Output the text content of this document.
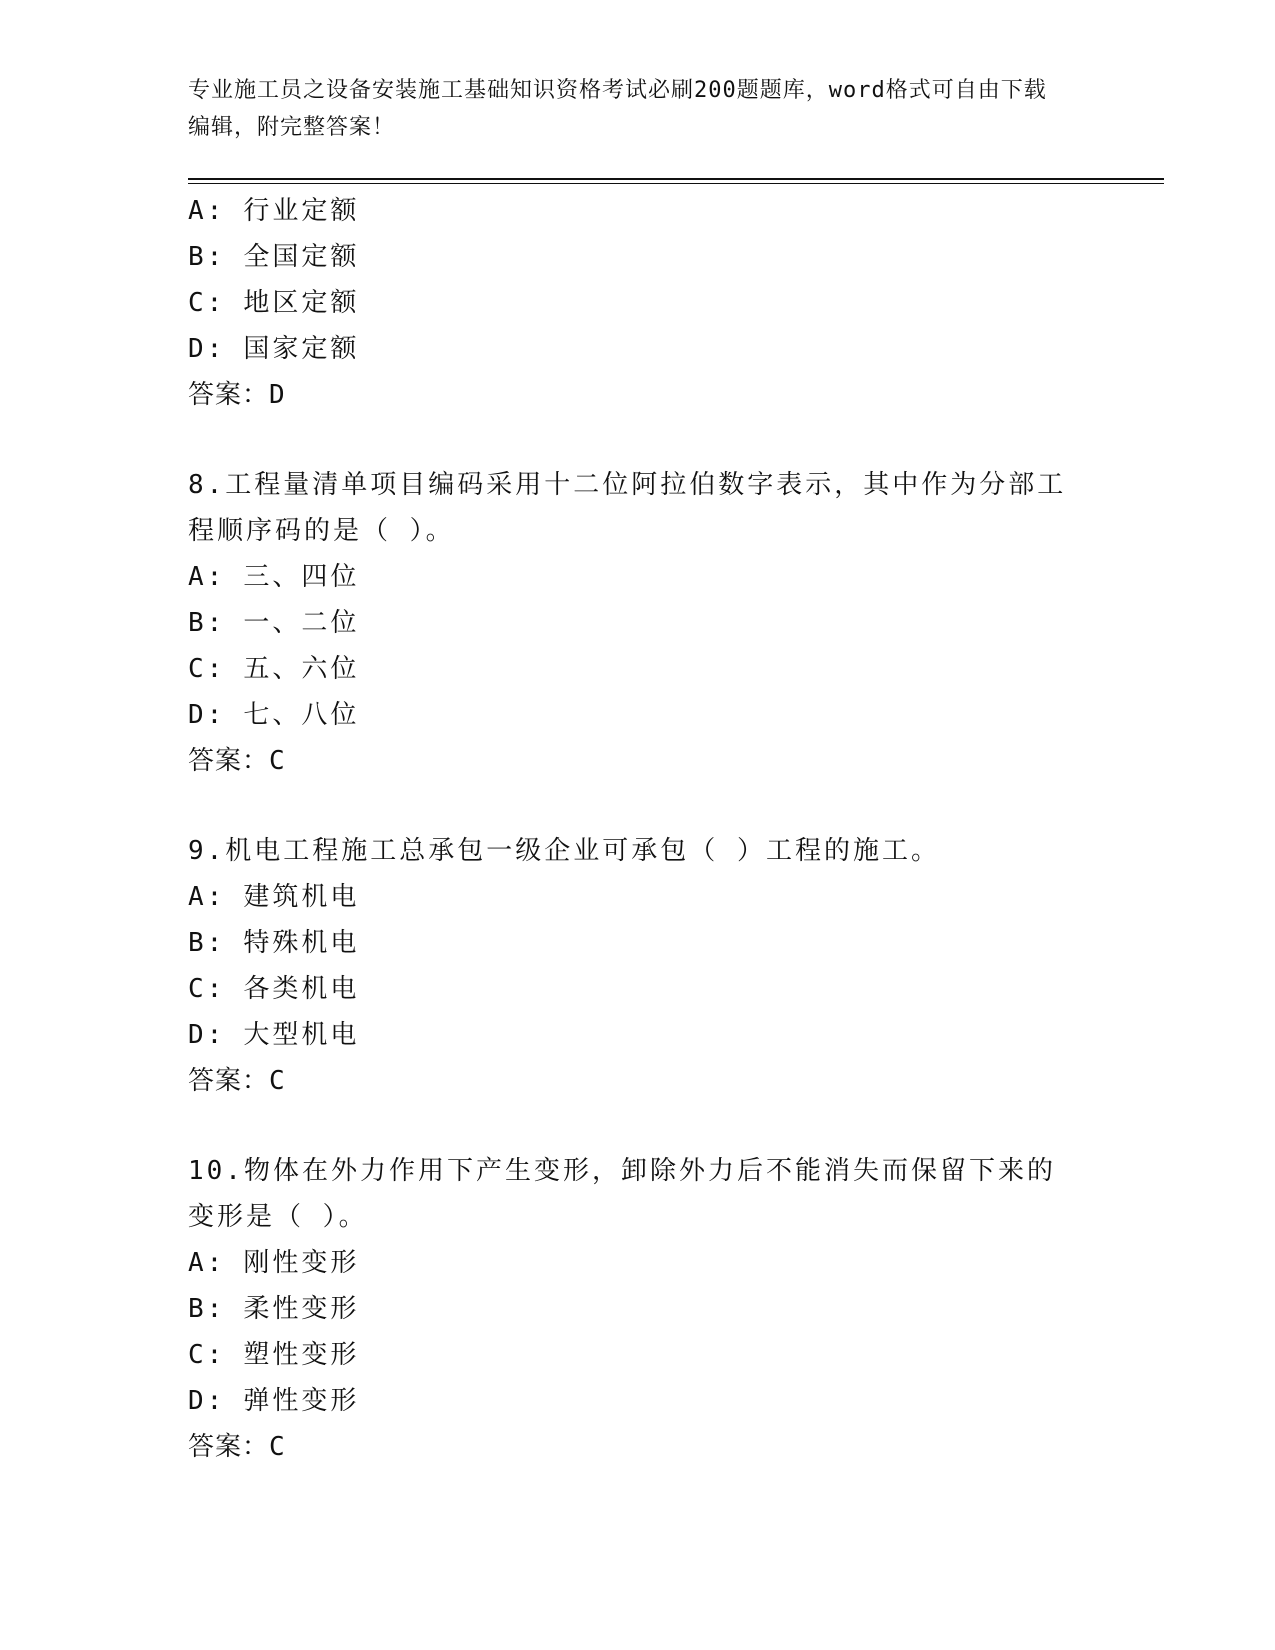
专业施工员之设备安装施工基础知识资格考试必刷200题题库，word格式可自由下载编辑，附完整答案！
A: 行业定额
B: 全国定额
C: 地区定额
D: 国家定额
答案：D
8.工程量清单项目编码采用十二位阿拉伯数字表示，其中作为分部工程顺序码的是（ ）。
A: 三、四位
B: 一、二位
C: 五、六位
D: 七、八位
答案：C
9.机电工程施工总承包一级企业可承包（ ）工程的施工。
A: 建筑机电
B: 特殊机电
C: 各类机电
D: 大型机电
答案：C
10.物体在外力作用下产生变形，卸除外力后不能消失而保留下来的变形是（ ）。
A: 刚性变形
B: 柔性变形
C: 塑性变形
D: 弹性变形
答案：C
